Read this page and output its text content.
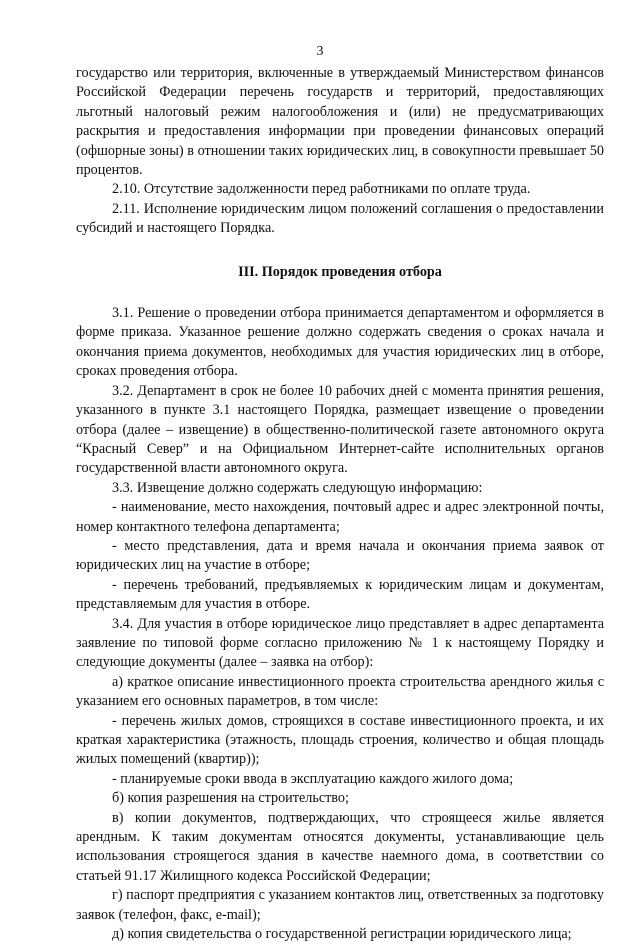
3

государство или территория, включенные в утверждаемый Министерством финансов Российской Федерации перечень государств и территорий, предоставляющих льготный налоговый режим налогообложения и (или) не предусматривающих раскрытия и предоставления информации при проведении финансовых операций (офшорные зоны) в отношении таких юридических лиц, в совокупности превышает 50 процентов.

2.10. Отсутствие задолженности перед работниками по оплате труда.

2.11. Исполнение юридическим лицом положений соглашения о предоставлении субсидий и настоящего Порядка.

III. Порядок проведения отбора

3.1. Решение о проведении отбора принимается департаментом и оформляется в форме приказа. Указанное решение должно содержать сведения о сроках начала и окончания приема документов, необходимых для участия юридических лиц в отборе, сроках проведения отбора.

3.2. Департамент в срок не более 10 рабочих дней с момента принятия решения, указанного в пункте 3.1 настоящего Порядка, размещает извещение о проведении отбора (далее – извещение) в общественно-политической газете автономного округа “Красный Север” и на Официальном Интернет-сайте исполнительных органов государственной власти автономного округа.

3.3. Извещение должно содержать следующую информацию:

- наименование, место нахождения, почтовый адрес и адрес электронной почты, номер контактного телефона департамента;

- место представления, дата и время начала и окончания приема заявок от юридических лиц на участие в отборе;

- перечень требований, предъявляемых к юридическим лицам и документам, представляемым для участия в отборе.

3.4. Для участия в отборе юридическое лицо представляет в адрес департамента заявление по типовой форме согласно приложению № 1 к настоящему Порядку и следующие документы (далее – заявка на отбор):

а) краткое описание инвестиционного проекта строительства арендного жилья с указанием его основных параметров, в том числе:

- перечень жилых домов, строящихся в составе инвестиционного проекта, и их краткая характеристика (этажность, площадь строения, количество и общая площадь жилых помещений (квартир));

- планируемые сроки ввода в эксплуатацию каждого жилого дома;

б) копия разрешения на строительство;

в) копии документов, подтверждающих, что строящееся жилье является арендным. К таким документам относятся документы, устанавливающие цель использования строящегося здания в качестве наемного дома, в соответствии со статьей 91.17 Жилищного кодекса Российской Федерации;

г) паспорт предприятия с указанием контактов лиц, ответственных за подготовку заявок (телефон, факс, e-mail);

д) копия свидетельства о государственной регистрации юридического лица;
